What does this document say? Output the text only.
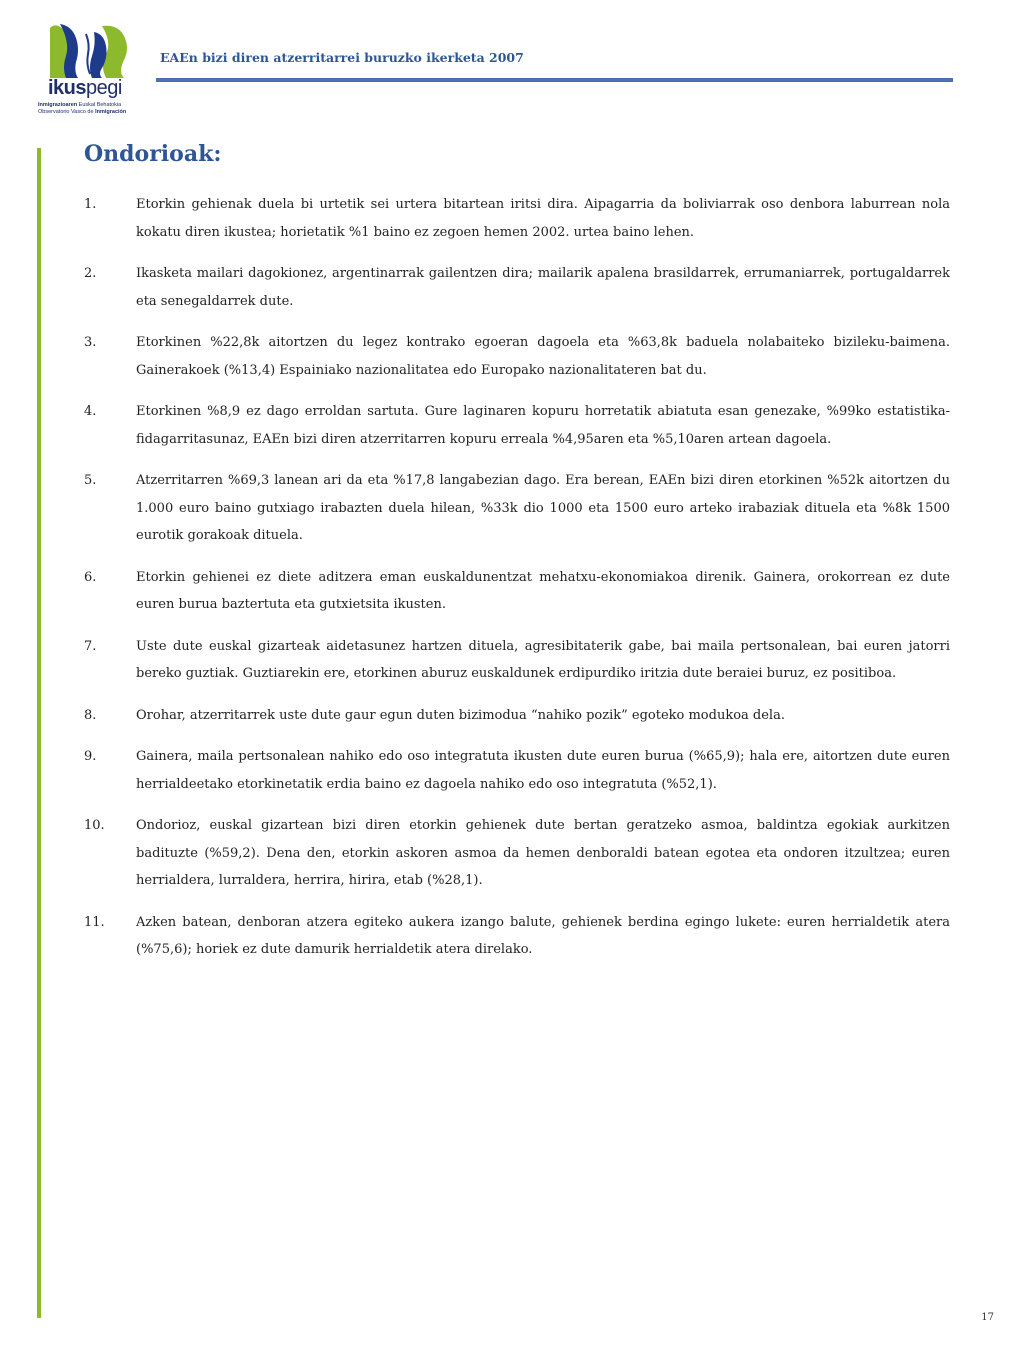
ikuspegi
Inmigrazioaren Euskal Behatokia
Observatorio Vasco de Inmigración
EAEn bizi diren atzerritarrei buruzko ikerketa 2007
Ondorioak:
1.	Etorkin gehienak duela bi urtetik sei urtera bitartean iritsi dira. Aipagarria da boliviarrak oso denbora laburrean nola kokatu diren ikustea; horietatik %1 baino ez zegoen hemen 2002. urtea baino lehen.
2.	Ikasketa mailari dagokionez, argentinarrak gailentzen dira; mailarik apalena brasildarrek, errumaniarrek, portugaldarrek eta senegaldarrek dute.
3.	Etorkinen %22,8k aitortzen du legez kontrako egoeran dagoela eta %63,8k baduela nolabaiteko bizileku-baimena. Gainerakoek (%13,4) Espainiako nazionalitatea edo Europako nazionalitateren bat du.
4.	Etorkinen %8,9 ez dago erroldan sartuta. Gure laginaren kopuru horretatik abiatuta esan genezake, %99ko estatistika-fidagarritasunaz, EAEn bizi diren atzerritarren kopuru erreala %4,95aren eta %5,10aren artean dagoela.
5.	Atzerritarren %69,3 lanean ari da eta %17,8 langabezian dago. Era berean, EAEn bizi diren etorkinen %52k aitortzen du 1.000 euro baino gutxiago irabazten duela hilean, %33k dio 1000 eta 1500 euro arteko irabaziak dituela eta %8k 1500 eurotik gorakoak dituela.
6.	Etorkin gehienei ez diete aditzera eman euskaldunentzat mehatxu-ekonomiakoa direnik. Gainera, orokorrean ez dute euren burua baztertuta eta gutxietsita ikusten.
7.	Uste dute euskal gizarteak aidetasunez hartzen dituela, agresibitaterik gabe, bai maila pertsonalean, bai euren jatorri bereko guztiak. Guztiarekin ere, etorkinen aburuz euskaldunek erdipurdiko iritzia dute beraiei buruz, ez positiboa.
8.	Orohar, atzerritarrek uste dute gaur egun duten bizimodua “nahiko pozik” egoteko modukoa dela.
9.	Gainera, maila pertsonalean nahiko edo oso integratuta ikusten dute euren burua (%65,9); hala ere, aitortzen dute euren herrialdeetako etorkinetatik erdia baino ez dagoela nahiko edo oso integratuta (%52,1).
10.	Ondorioz, euskal gizartean bizi diren etorkin gehienek dute bertan geratzeko asmoa, baldintza egokiak aurkitzen badituzte (%59,2). Dena den, etorkin askoren asmoa da hemen denboraldi batean egotea eta ondoren itzultzea; euren herrialdera, lurraldera, herrira, hirira, etab (%28,1).
11.	Azken batean, denboran atzera egiteko aukera izango balute, gehienek berdina egingo lukete: euren herrialdetik atera (%75,6); horiek ez dute damurik herrialdetik atera direlako.
17
